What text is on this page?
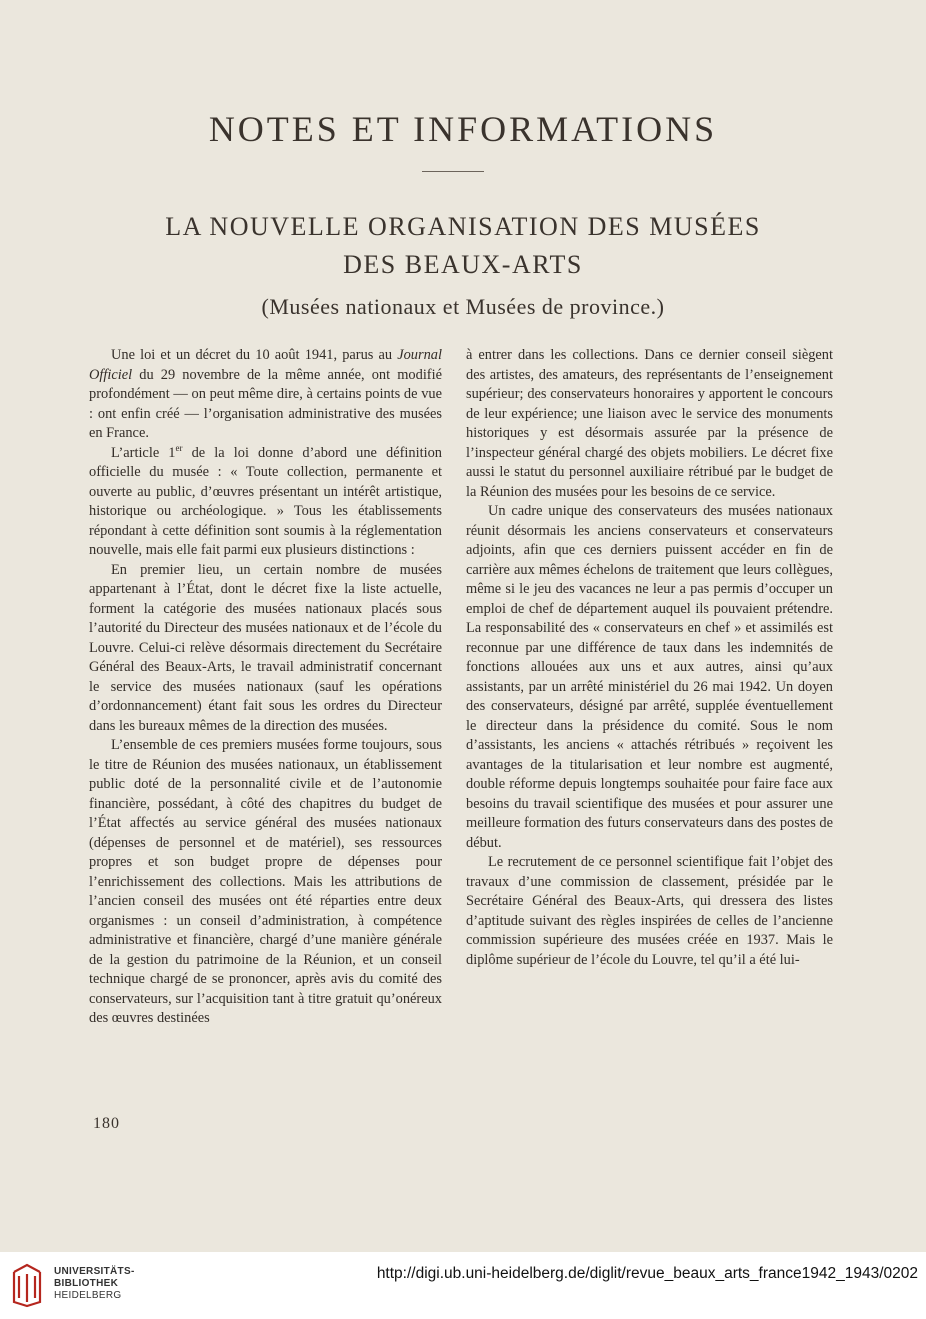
NOTES ET INFORMATIONS
LA NOUVELLE ORGANISATION DES MUSÉES
DES BEAUX-ARTS
(Musées nationaux et Musées de province.)

Une loi et un décret du 10 août 1941, parus au Journal Officiel du 29 novembre de la même année, ont modifié profondément — on peut même dire, à certains points de vue : ont enfin créé — l’organisation administrative des musées en France.

L’article 1er de la loi donne d’abord une définition officielle du musée : « Toute collection, permanente et ouverte au public, d’œuvres présentant un intérêt artistique, historique ou archéologique. » Tous les établissements répondant à cette définition sont soumis à la réglementation nouvelle, mais elle fait parmi eux plusieurs distinctions :

En premier lieu, un certain nombre de musées appartenant à l’État, dont le décret fixe la liste actuelle, forment la catégorie des musées nationaux placés sous l’autorité du Directeur des musées nationaux et de l’école du Louvre. Celui-ci relève désormais directement du Secrétaire Général des Beaux-Arts, le travail administratif concernant le service des musées nationaux (sauf les opérations d’ordonnancement) étant fait sous les ordres du Directeur dans les bureaux mêmes de la direction des musées.

L’ensemble de ces premiers musées forme toujours, sous le titre de Réunion des musées nationaux, un établissement public doté de la personnalité civile et de l’autonomie financière, possédant, à côté des chapitres du budget de l’État affectés au service général des musées nationaux (dépenses de personnel et de matériel), ses ressources propres et son budget propre de dépenses pour l’enrichissement des collections. Mais les attributions de l’ancien conseil des musées ont été réparties entre deux organismes : un conseil d’administration, à compétence administrative et financière, chargé d’une manière générale de la gestion du patrimoine de la Réunion, et un conseil technique chargé de se prononcer, après avis du comité des conservateurs, sur l’acquisition tant à titre gratuit qu’onéreux des œuvres destinées

à entrer dans les collections. Dans ce dernier conseil siègent des artistes, des amateurs, des représentants de l’enseignement supérieur; des conservateurs honoraires y apportent le concours de leur expérience; une liaison avec le service des monuments historiques y est désormais assurée par la présence de l’inspecteur général chargé des objets mobiliers. Le décret fixe aussi le statut du personnel auxiliaire rétribué par le budget de la Réunion des musées pour les besoins de ce service.

Un cadre unique des conservateurs des musées nationaux réunit désormais les anciens conservateurs et conservateurs adjoints, afin que ces derniers puissent accéder en fin de carrière aux mêmes échelons de traitement que leurs collègues, même si le jeu des vacances ne leur a pas permis d’occuper un emploi de chef de département auquel ils pouvaient prétendre. La responsabilité des « conservateurs en chef » et assimilés est reconnue par une différence de taux dans les indemnités de fonctions allouées aux uns et aux autres, ainsi qu’aux assistants, par un arrêté ministériel du 26 mai 1942. Un doyen des conservateurs, désigné par arrêté, supplée éventuellement le directeur dans la présidence du comité. Sous le nom d’assistants, les anciens « attachés rétribués » reçoivent les avantages de la titularisation et leur nombre est augmenté, double réforme depuis longtemps souhaitée pour faire face aux besoins du travail scientifique des musées et pour assurer une meilleure formation des futurs conservateurs dans des postes de début.

Le recrutement de ce personnel scientifique fait l’objet des travaux d’une commission de classement, présidée par le Secrétaire Général des Beaux-Arts, qui dressera des listes d’aptitude suivant des règles inspirées de celles de l’ancienne commission supérieure des musées créée en 1937. Mais le diplôme supérieur de l’école du Louvre, tel qu’il a été lui-

180
UNIVERSITÄTS-
BIBLIOTHEK
HEIDELBERG
http://digi.ub.uni-heidelberg.de/diglit/revue_beaux_arts_france1942_1943/0202
